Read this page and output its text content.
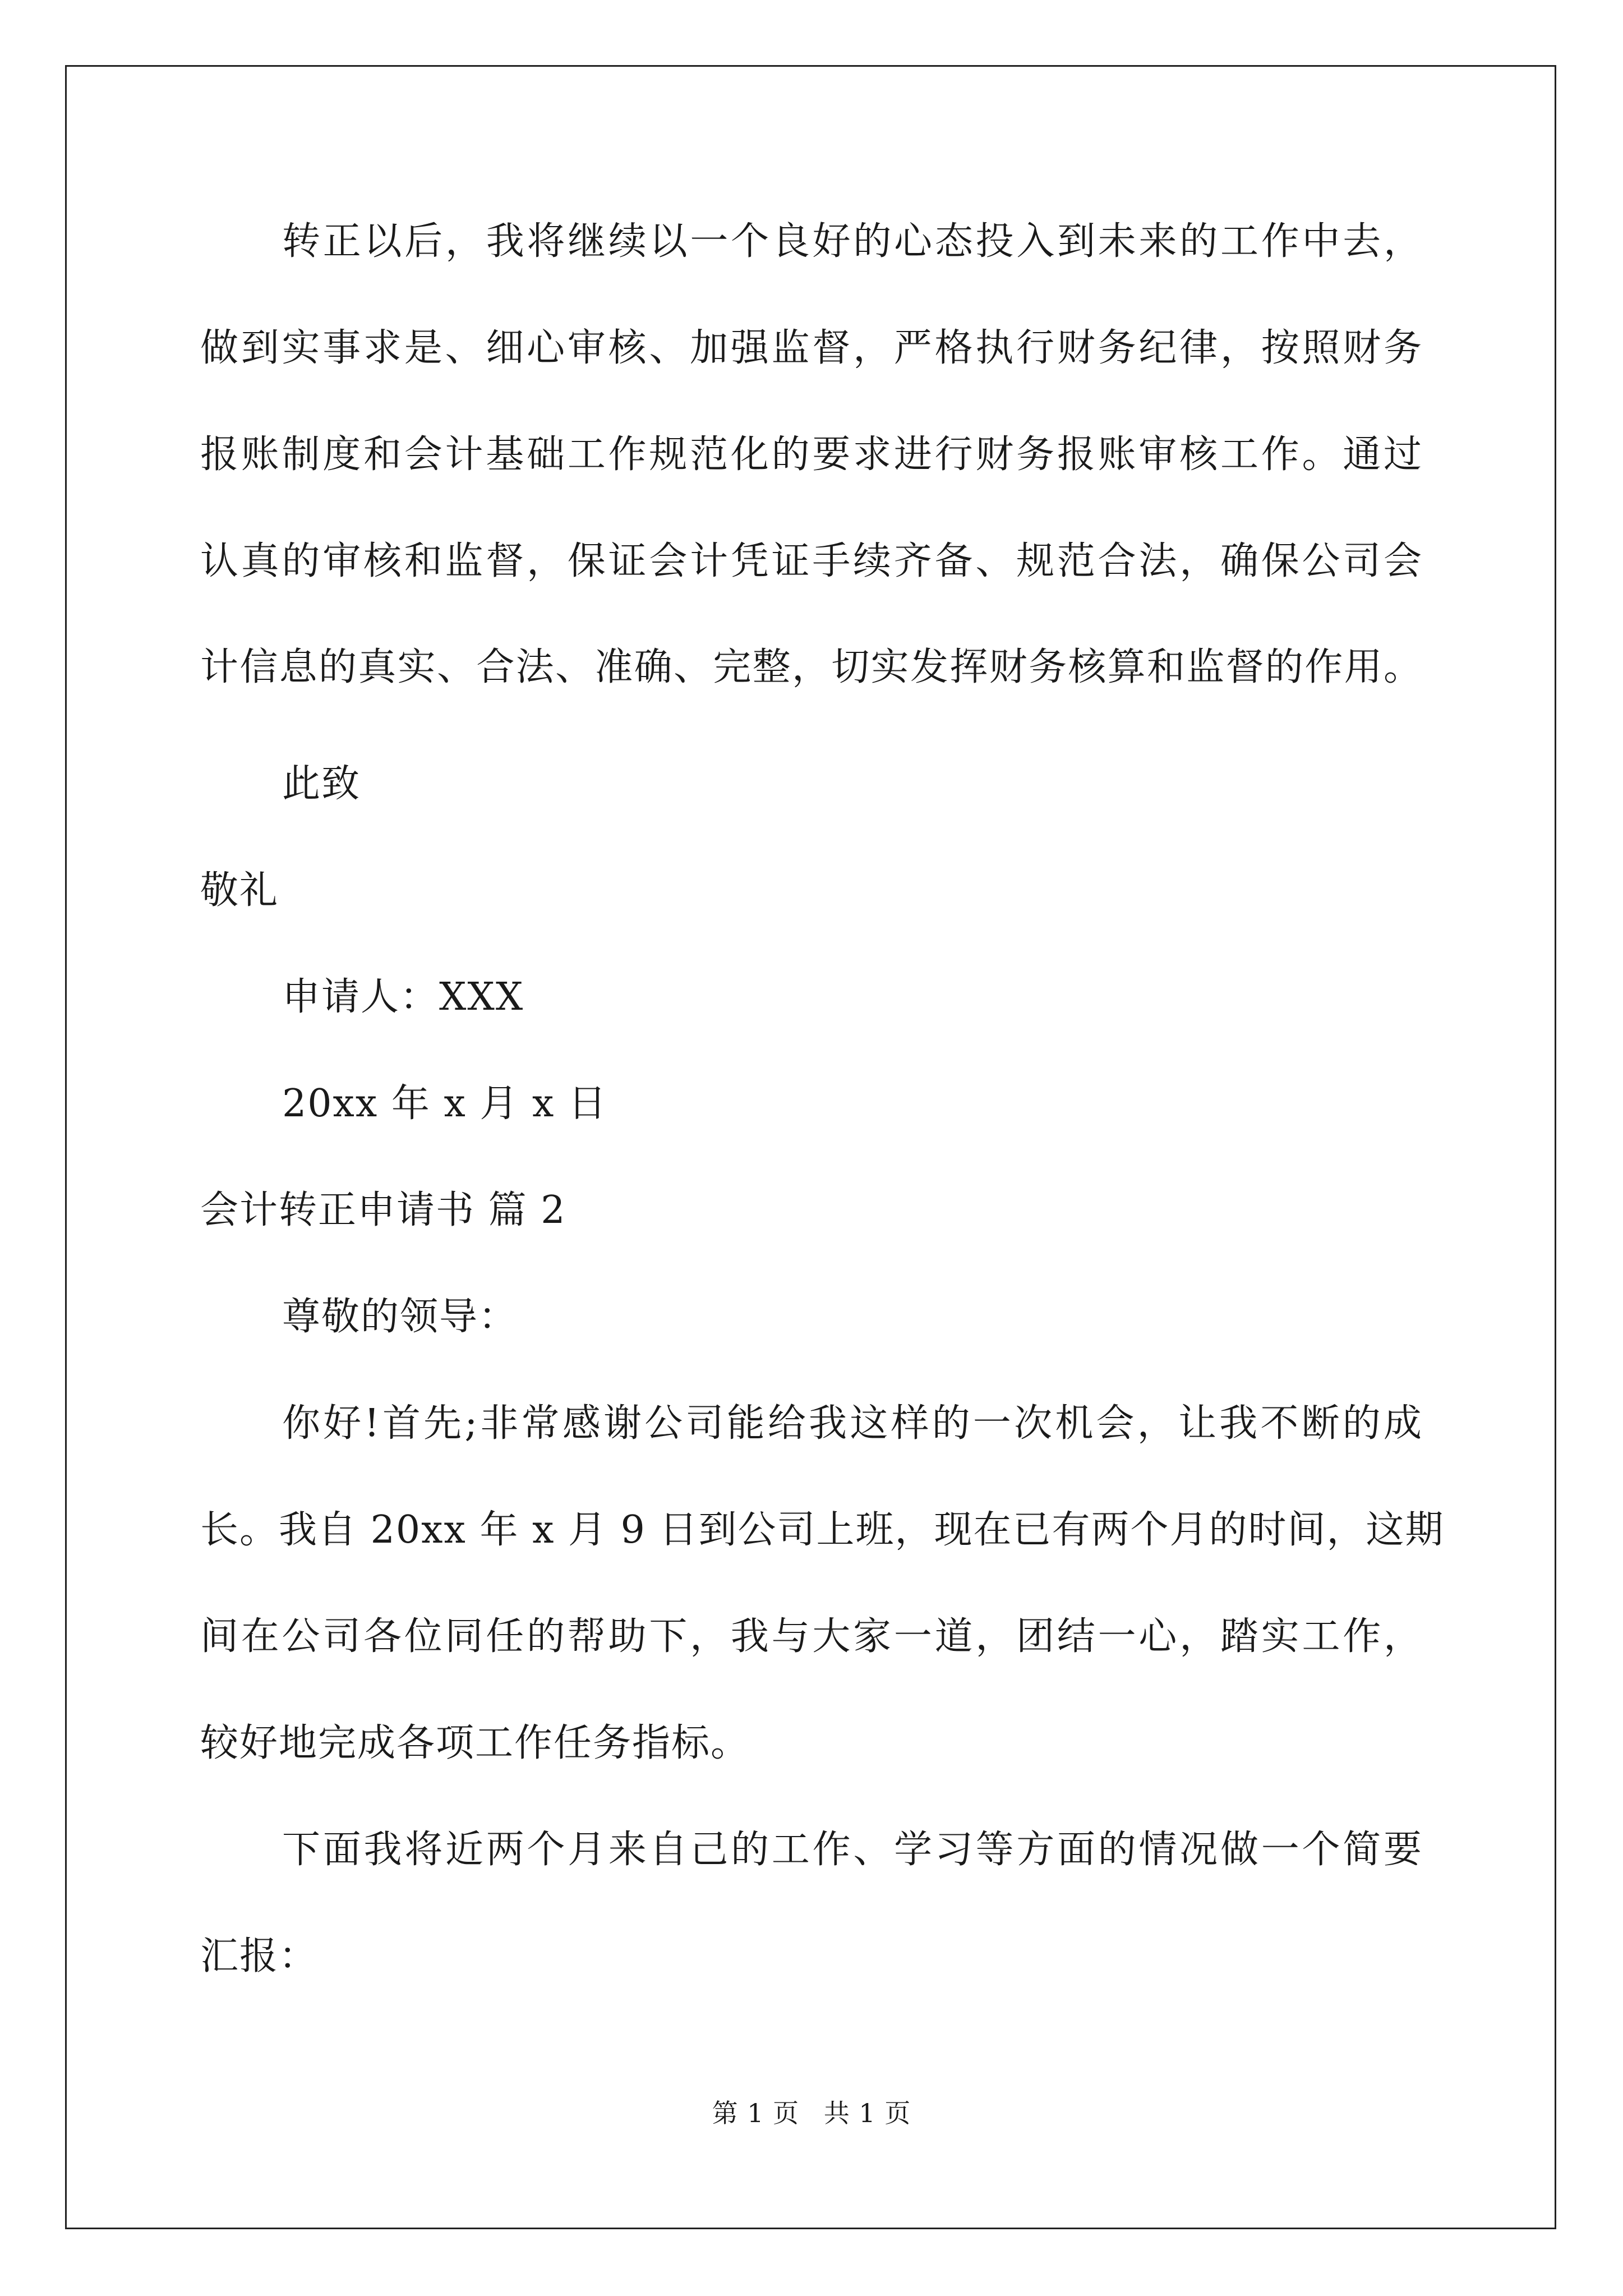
转正以后，我将继续以一个良好的心态投入到未来的工作中去，
做到实事求是、细心审核、加强监督，严格执行财务纪律，按照财务
报账制度和会计基础工作规范化的要求进行财务报账审核工作。通过
认真的审核和监督，保证会计凭证手续齐备、规范合法，确保公司会
计信息的真实、合法、准确、完整，切实发挥财务核算和监督的作用。
此致
敬礼
申请人：XXX
20xx 年 x 月 x 日
会计转正申请书 篇 2
尊敬的领导：
你好!首先;非常感谢公司能给我这样的一次机会，让我不断的成
长。我自 20xx 年 x 月 9 日到公司上班，现在已有两个月的时间，这期
间在公司各位同任的帮助下，我与大家一道，团结一心，踏实工作，
较好地完成各项工作任务指标。
下面我将近两个月来自己的工作、学习等方面的情况做一个简要
汇报：
第 1 页 共 1 页
